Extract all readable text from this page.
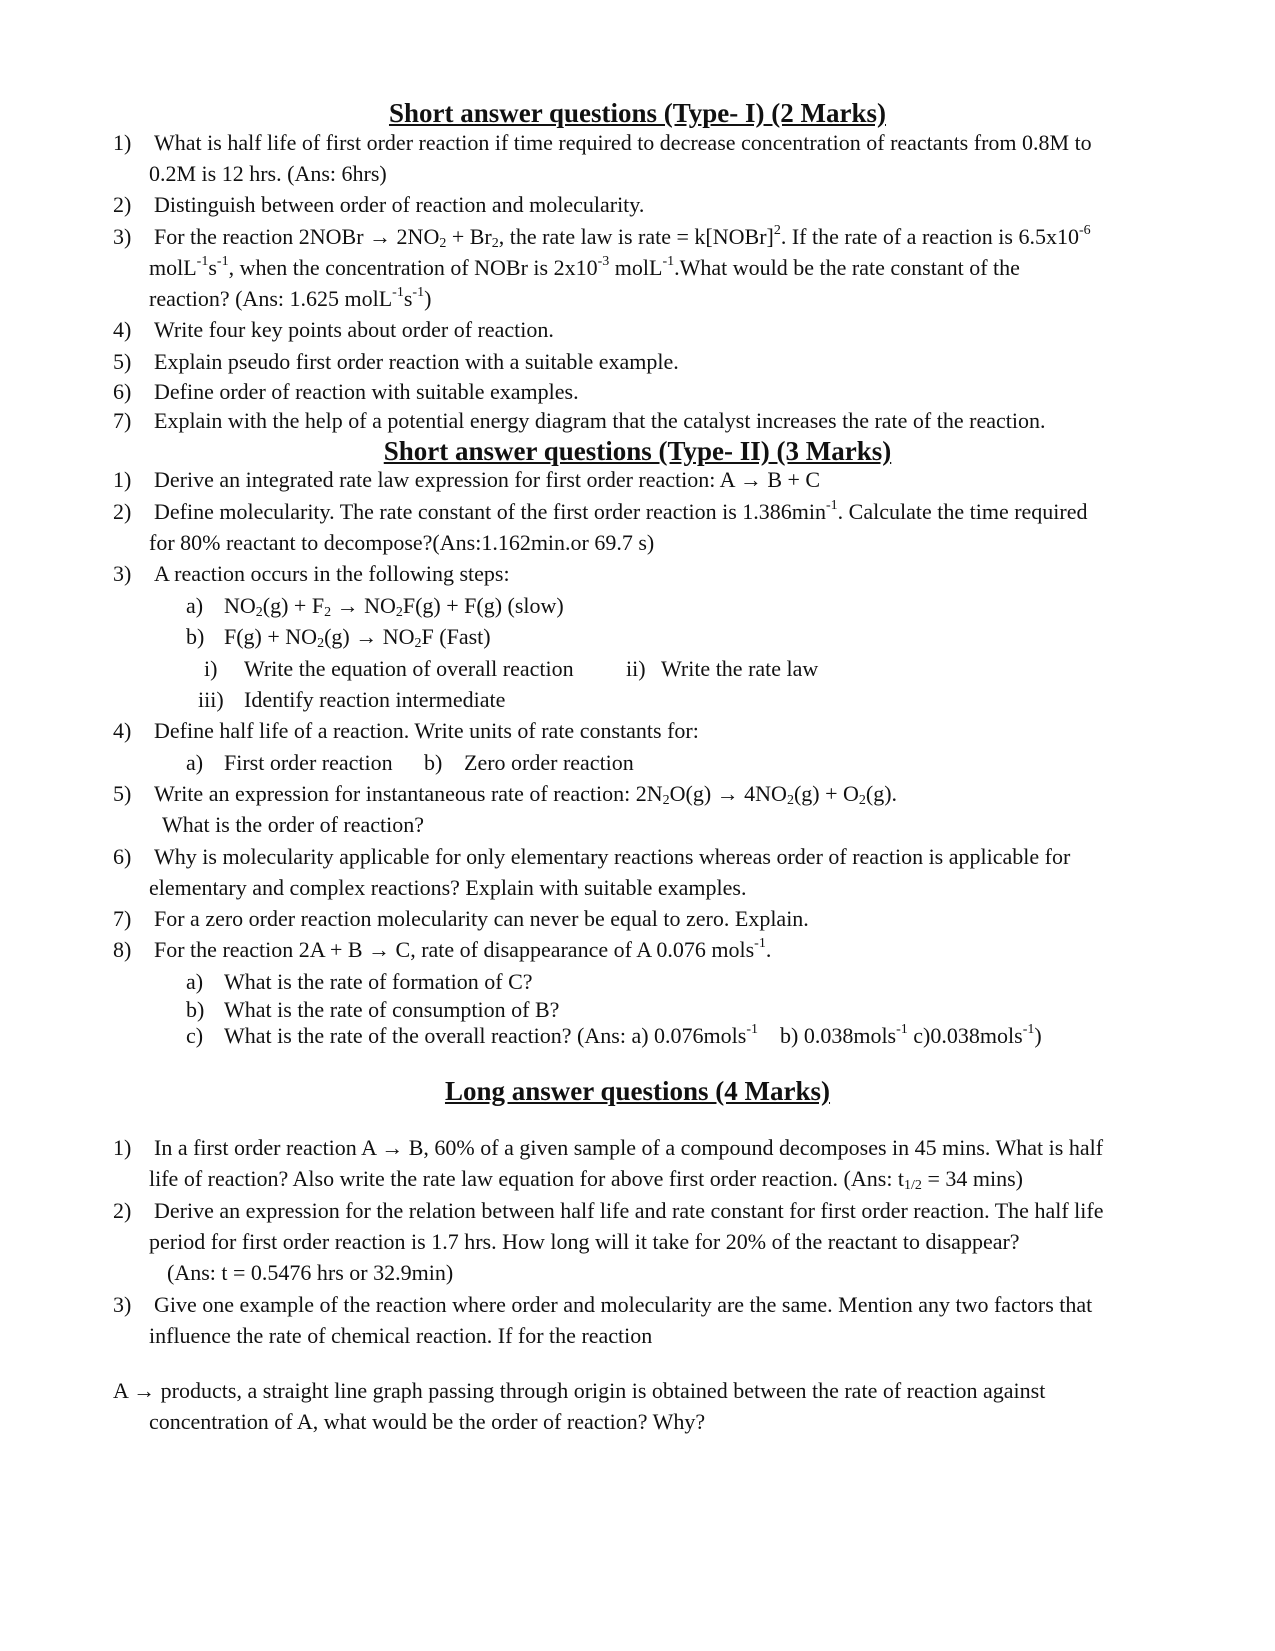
Short answer questions (Type- I) (2 Marks)
1) What is half life of first order reaction if time required to decrease concentration of reactants from 0.8M to
0.2M is 12 hrs. (Ans: 6hrs)
2) Distinguish between order of reaction and molecularity.
3) For the reaction 2NOBr → $2NO_2 + Br_2$, the rate law is rate = k[NOBr]$^2$. If the rate of a reaction is $6.5x10^{-6}$
$molL^{-1}s^{-1}$, when the concentration of NOBr is $2x10^{-3}$ molL$^{-1}$.What would be the rate constant of the
reaction? (Ans: 1.625 $molL^{-1}s^{-1}$)
4) Write four key points about order of reaction.
5) Explain pseudo first order reaction with a suitable example.
6) Define order of reaction with suitable examples.
7) Explain with the help of a potential energy diagram that the catalyst increases the rate of the reaction.
Short answer questions (Type- II) (3 Marks)
1) Derive an integrated rate law expression for first order reaction: A → B + C
2) Define molecularity. The rate constant of the first order reaction is $1.386\min^{-1}$. Calculate the time required
for 80% reactant to decompose?(Ans:1.162min.or 69.7 s)
3) A reaction occurs in the following steps:
a) $NO_2(g) + F_2 \to NO_2F(g) + F(g)$ (slow)
b) $F(g) + NO_2(g) \to NO_2F$ (Fast)
i) Write the equation of overall reaction ii) Write the rate law
iii) Identify reaction intermediate
4) Define half life of a reaction. Write units of rate constants for:
a) First order reaction b) Zero order reaction
5) Write an expression for instantaneous rate of reaction: $2N_2O(g) \to 4NO_2(g) + O_2(g)$.
What is the order of reaction?
6) Why is molecularity applicable for only elementary reactions whereas order of reaction is applicable for
elementary and complex reactions? Explain with suitable examples.
7) For a zero order reaction molecularity can never be equal to zero. Explain.
8) For the reaction 2A + B → C, rate of disappearance of A 0.076 mols$^{-1}$.
a) What is the rate of formation of C?
b) What is the rate of consumption of B?
c) What is the rate of the overall reaction? (Ans: a) 0.076mols$^{-1}$    b) 0.038mols$^{-1}$ c)0.038mols$^{-1}$)
Long answer questions (4 Marks)
1) In a first order reaction A → B, 60% of a given sample of a compound decomposes in 45 mins. What is half
life of reaction? Also write the rate law equation for above first order reaction. (Ans: $t_{1/2} = 34$ mins)
2) Derive an expression for the relation between half life and rate constant for first order reaction. The half life
period for first order reaction is 1.7 hrs. How long will it take for 20% of the reactant to disappear?
(Ans: t = 0.5476 hrs or 32.9min)
3) Give one example of the reaction where order and molecularity are the same. Mention any two factors that
influence the rate of chemical reaction. If for the reaction
A → products, a straight line graph passing through origin is obtained between the rate of reaction against
concentration of A, what would be the order of reaction? Why?
